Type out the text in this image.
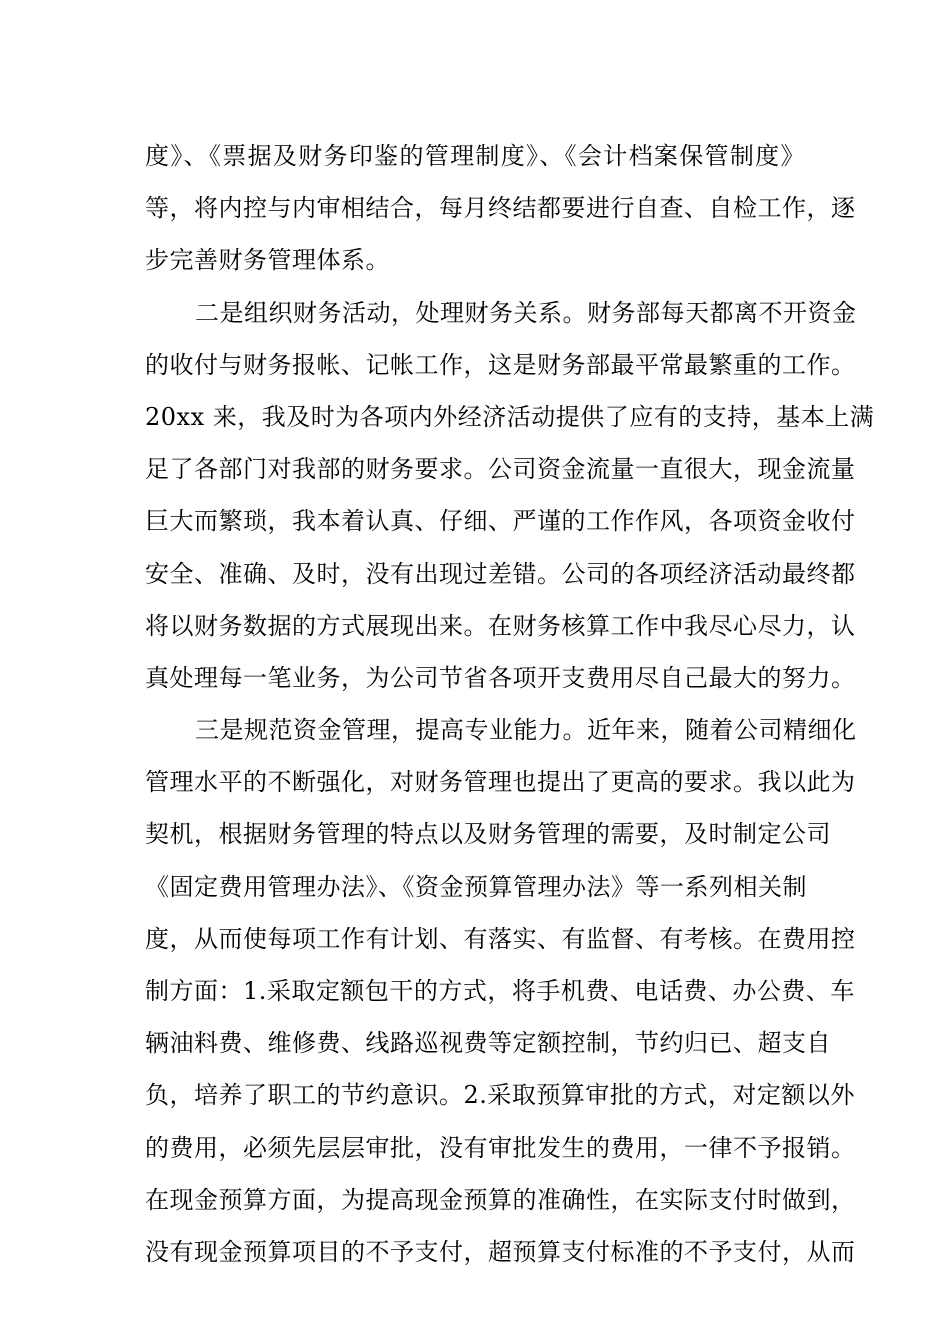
度》、《票据及财务印鉴的管理制度》、《会计档案保管制度》
等，将内控与内审相结合，每月终结都要进行自查、自检工作，逐
步完善财务管理体系。
二是组织财务活动，处理财务关系。财务部每天都离不开资金
的收付与财务报帐、记帐工作，这是财务部最平常最繁重的工作。
20xx 来，我及时为各项内外经济活动提供了应有的支持，基本上满
足了各部门对我部的财务要求。公司资金流量一直很大，现金流量
巨大而繁琐，我本着认真、仔细、严谨的工作作风，各项资金收付
安全、准确、及时，没有出现过差错。公司的各项经济活动最终都
将以财务数据的方式展现出来。在财务核算工作中我尽心尽力，认
真处理每一笔业务，为公司节省各项开支费用尽自己最大的努力。
三是规范资金管理，提高专业能力。近年来，随着公司精细化
管理水平的不断强化，对财务管理也提出了更高的要求。我以此为
契机，根据财务管理的特点以及财务管理的需要，及时制定公司
《固定费用管理办法》、《资金预算管理办法》等一系列相关制
度，从而使每项工作有计划、有落实、有监督、有考核。在费用控
制方面：1.采取定额包干的方式，将手机费、电话费、办公费、车
辆油料费、维修费、线路巡视费等定额控制，节约归已、超支自
负，培养了职工的节约意识。2.采取预算审批的方式，对定额以外
的费用，必须先层层审批，没有审批发生的费用，一律不予报销。
在现金预算方面，为提高现金预算的准确性，在实际支付时做到，
没有现金预算项目的不予支付，超预算支付标准的不予支付，从而
